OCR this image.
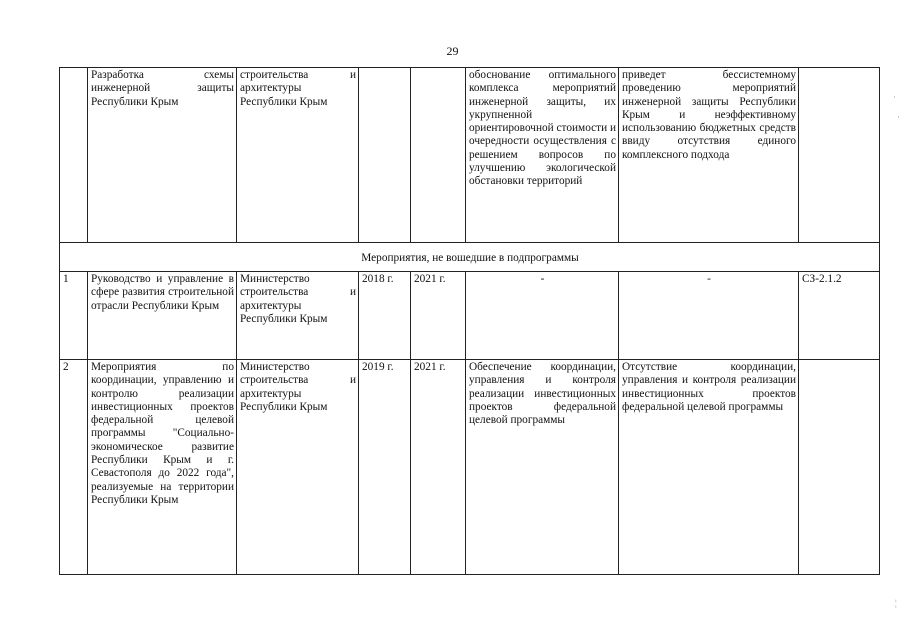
29
	Разработка схемы инженерной защиты Республики Крым	строительства и архитектуры Республики Крым			обоснование оптимального комплекса мероприятий инженерной защиты, их укрупненной ориентировочной стоимости и очередности осуществления с решением вопросов по улучшению экологической обстановки территорий	приведет бессистемному проведению мероприятий инженерной защиты Республики Крым и неэффективному использованию бюджетных средств ввиду отсутствия единого комплексного подхода	
Мероприятия, не вошедшие в подпрограммы							
1	Руководство и управление в сфере развития строительной отрасли Республики Крым	Министерство строительства и архитектуры Республики Крым	2018 г.	2021 г.	-	-	СЗ-2.1.2
2	Мероприятия по координации, управлению и контролю реализации инвестиционных проектов федеральной целевой программы "Социально-экономическое развитие Республики Крым и г. Севастополя до 2022 года", реализуемые на территории Республики Крым	Министерство строительства и архитектуры Республики Крым	2019 г.	2021 г.	Обеспечение координации, управления и контроля реализации инвестиционных проектов федеральной целевой программы	Отсутствие координации, управления и контроля реализации инвестиционных проектов федеральной целевой программы	
·
·
¦
